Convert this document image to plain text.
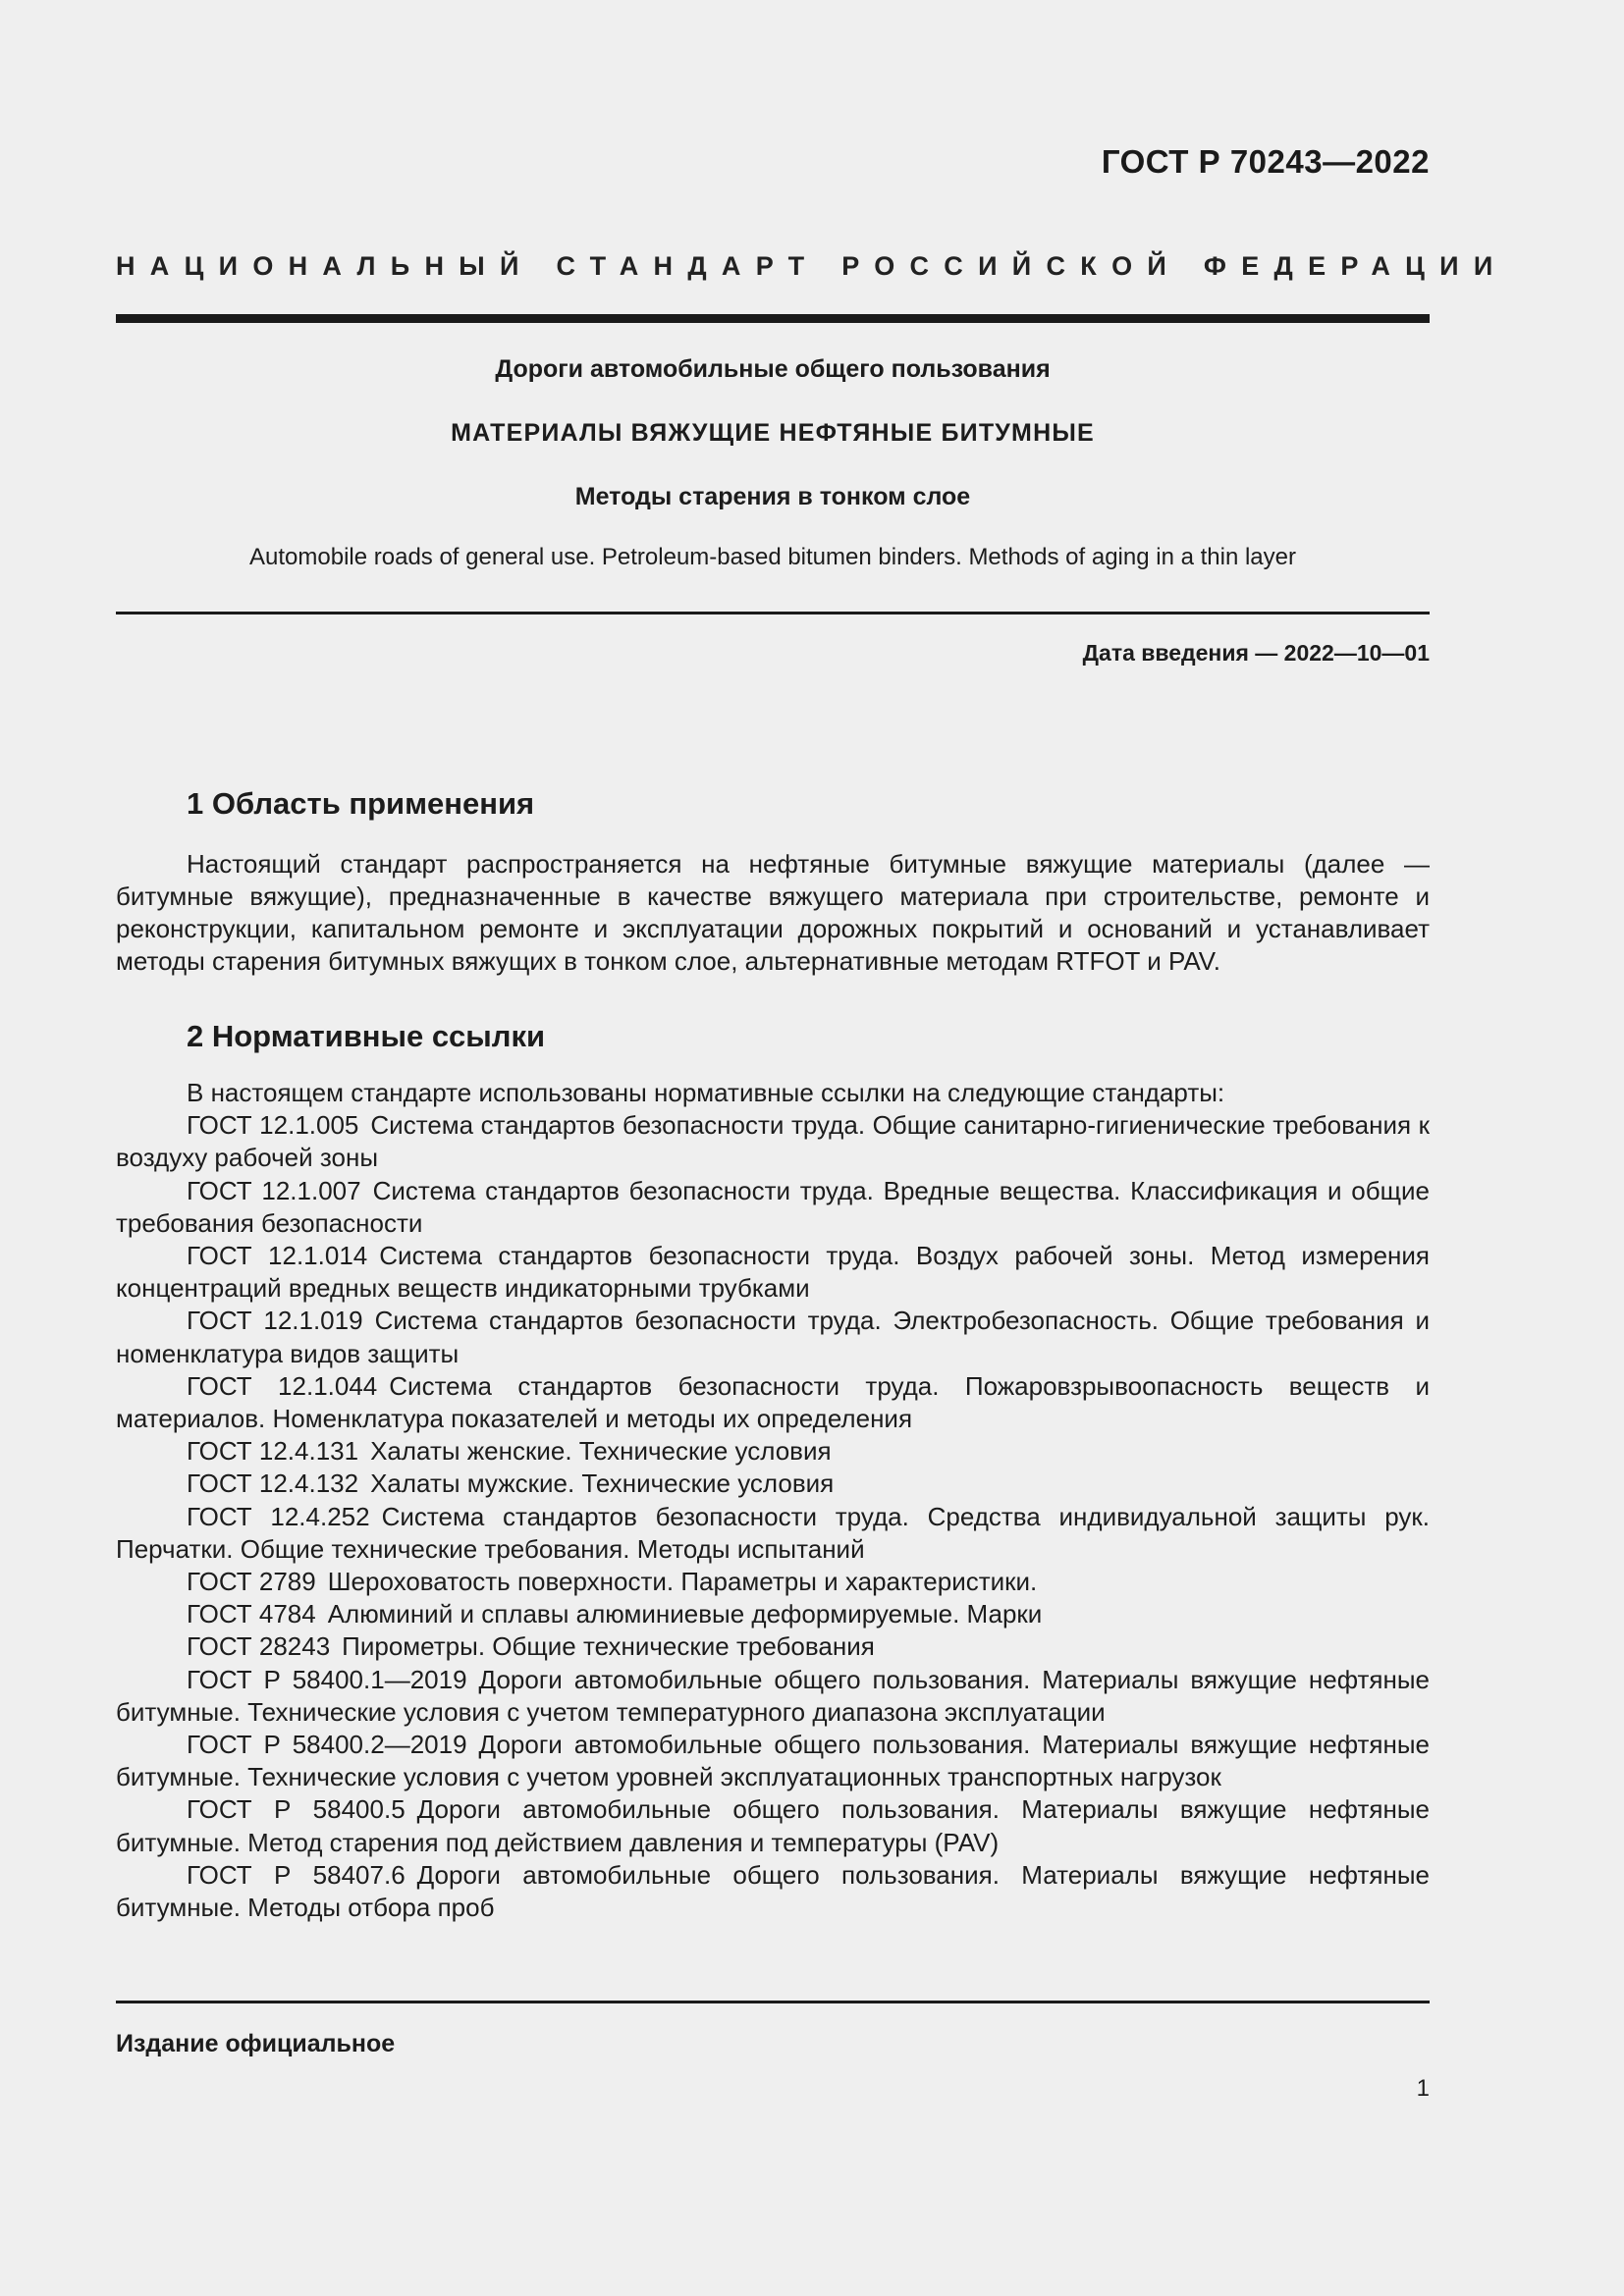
ГОСТ Р 70243—2022
НАЦИОНАЛЬНЫЙ СТАНДАРТ РОССИЙСКОЙ ФЕДЕРАЦИИ
Дороги автомобильные общего пользования
МАТЕРИАЛЫ ВЯЖУЩИЕ НЕФТЯНЫЕ БИТУМНЫЕ
Методы старения в тонком слое
Automobile roads of general use. Petroleum-based bitumen binders. Methods of aging in a thin layer
Дата введения — 2022—10—01
1 Область применения

Настоящий стандарт распространяется на нефтяные битумные вяжущие материалы (далее — битумные вяжущие), предназначенные в качестве вяжущего материала при строительстве, ремонте и реконструкции, капитальном ремонте и эксплуатации дорожных покрытий и оснований и устанавливает методы старения битумных вяжущих в тонком слое, альтернативные методам RTFOT и PAV.

2 Нормативные ссылки

В настоящем стандарте использованы нормативные ссылки на следующие стандарты:

ГОСТ 12.1.005 Система стандартов безопасности труда. Общие санитарно-гигиенические требования к воздуху рабочей зоны

ГОСТ 12.1.007 Система стандартов безопасности труда. Вредные вещества. Классификация и общие требования безопасности

ГОСТ 12.1.014 Система стандартов безопасности труда. Воздух рабочей зоны. Метод измерения концентраций вредных веществ индикаторными трубками

ГОСТ 12.1.019 Система стандартов безопасности труда. Электробезопасность. Общие требования и номенклатура видов защиты

ГОСТ 12.1.044 Система стандартов безопасности труда. Пожаровзрывоопасность веществ и материалов. Номенклатура показателей и методы их определения

ГОСТ 12.4.131 Халаты женские. Технические условия

ГОСТ 12.4.132 Халаты мужские. Технические условия

ГОСТ 12.4.252 Система стандартов безопасности труда. Средства индивидуальной защиты рук. Перчатки. Общие технические требования. Методы испытаний

ГОСТ 2789 Шероховатость поверхности. Параметры и характеристики.

ГОСТ 4784 Алюминий и сплавы алюминиевые деформируемые. Марки

ГОСТ 28243 Пирометры. Общие технические требования

ГОСТ Р 58400.1—2019 Дороги автомобильные общего пользования. Материалы вяжущие нефтяные битумные. Технические условия с учетом температурного диапазона эксплуатации

ГОСТ Р 58400.2—2019 Дороги автомобильные общего пользования. Материалы вяжущие нефтяные битумные. Технические условия с учетом уровней эксплуатационных транспортных нагрузок

ГОСТ Р 58400.5 Дороги автомобильные общего пользования. Материалы вяжущие нефтяные битумные. Метод старения под действием давления и температуры (PAV)

ГОСТ Р 58407.6 Дороги автомобильные общего пользования. Материалы вяжущие нефтяные битумные. Методы отбора проб

Издание официальное
1
